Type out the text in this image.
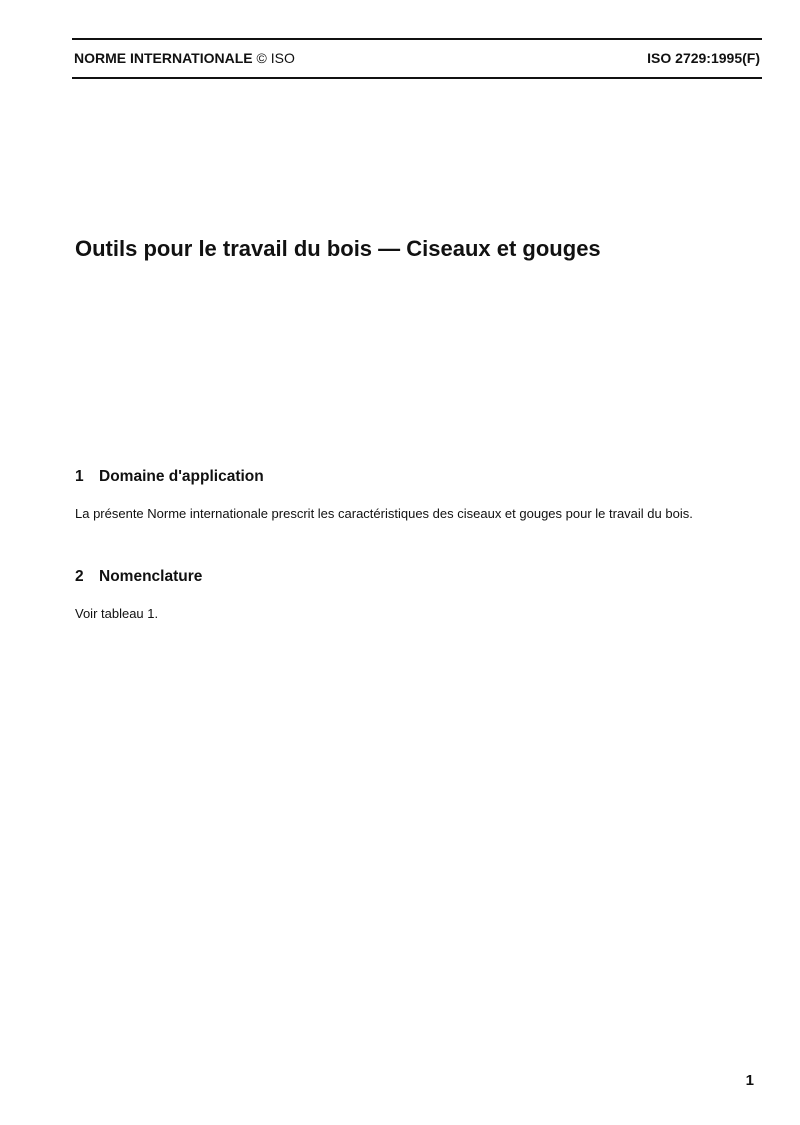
NORME INTERNATIONALE © ISO	ISO 2729:1995(F)
Outils pour le travail du bois — Ciseaux et gouges
1 Domaine d'application
La présente Norme internationale prescrit les caractéristiques des ciseaux et gouges pour le travail du bois.
2 Nomenclature
Voir tableau 1.
1
